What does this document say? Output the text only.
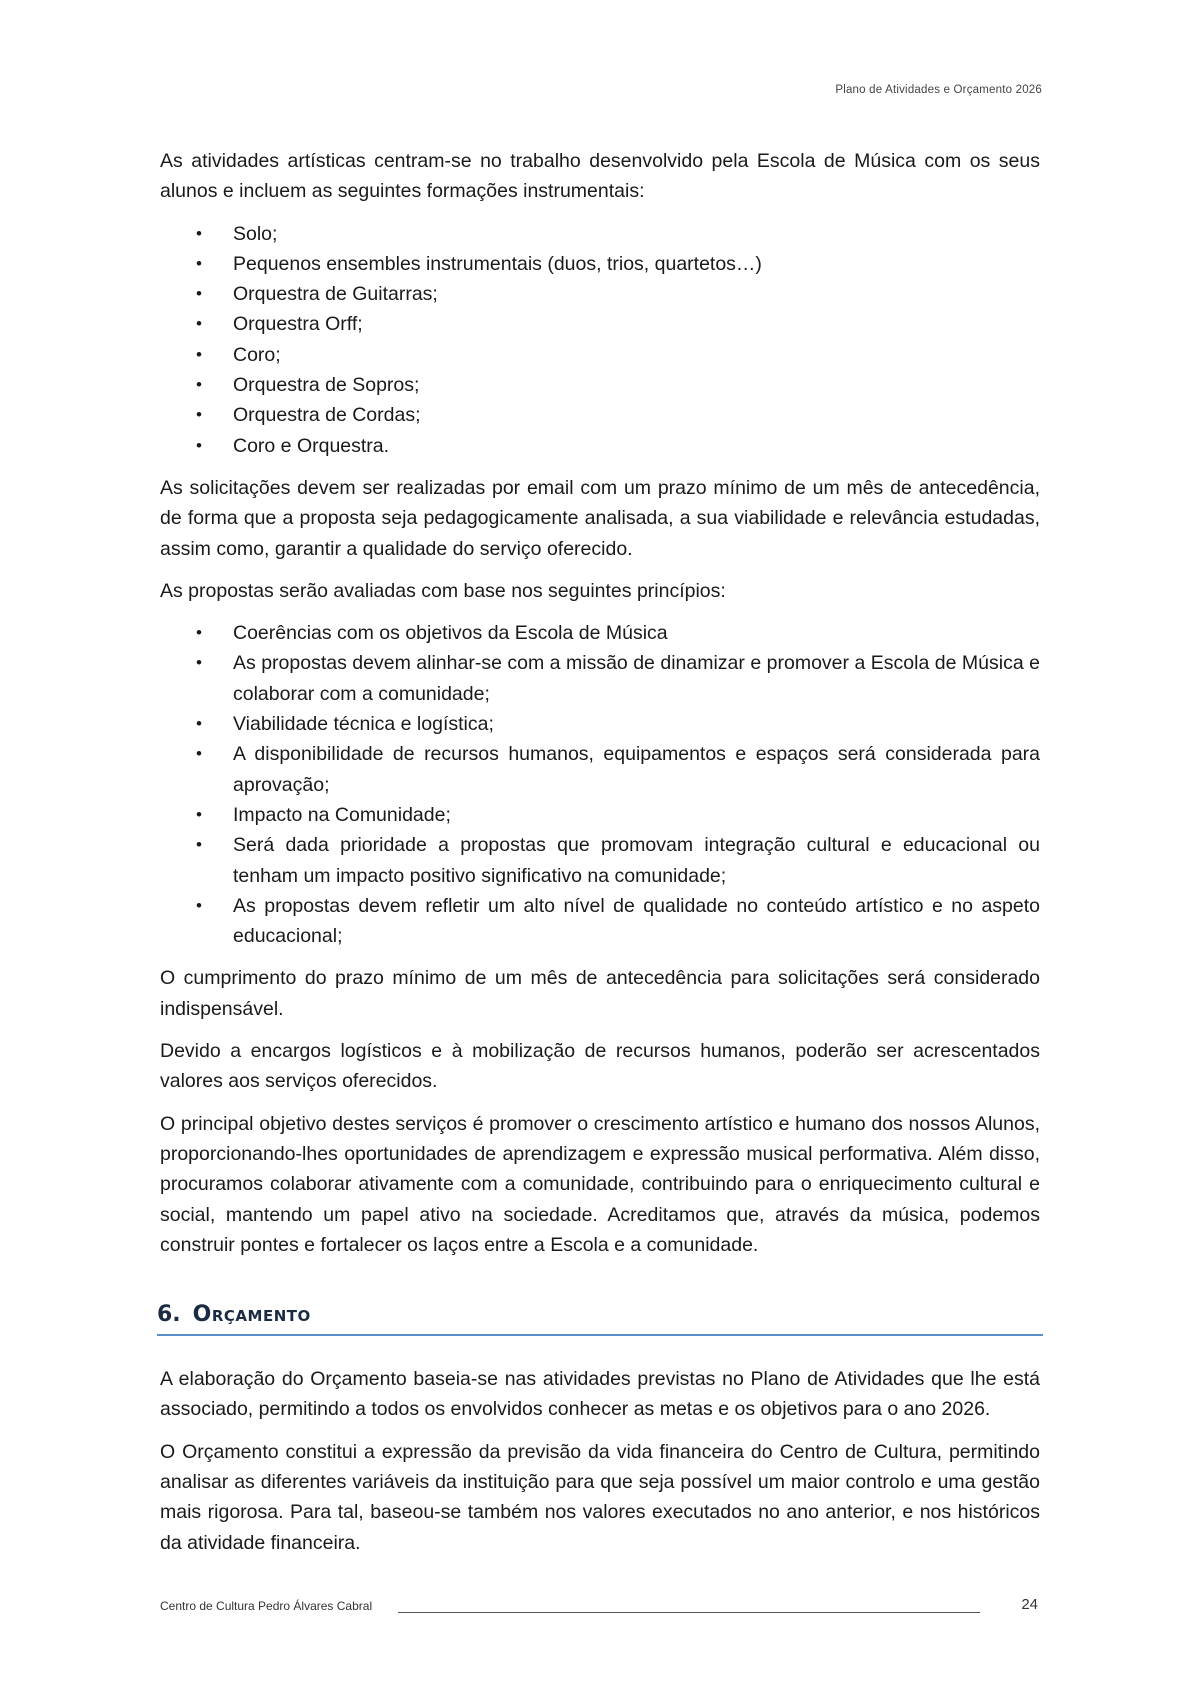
Plano de Atividades e Orçamento 2026

As atividades artísticas centram-se no trabalho desenvolvido pela Escola de Música com os seus alunos e incluem as seguintes formações instrumentais:

• Solo;
• Pequenos ensembles instrumentais (duos, trios, quartetos…)
• Orquestra de Guitarras;
• Orquestra Orff;
• Coro;
• Orquestra de Sopros;
• Orquestra de Cordas;
• Coro e Orquestra.

As solicitações devem ser realizadas por email com um prazo mínimo de um mês de antecedência, de forma que a proposta seja pedagogicamente analisada, a sua viabilidade e relevância estudadas, assim como, garantir a qualidade do serviço oferecido.

As propostas serão avaliadas com base nos seguintes princípios:

• Coerências com os objetivos da Escola de Música
• As propostas devem alinhar-se com a missão de dinamizar e promover a Escola de Música e colaborar com a comunidade;
• Viabilidade técnica e logística;
• A disponibilidade de recursos humanos, equipamentos e espaços será considerada para aprovação;
• Impacto na Comunidade;
• Será dada prioridade a propostas que promovam integração cultural e educacional ou tenham um impacto positivo significativo na comunidade;
• As propostas devem refletir um alto nível de qualidade no conteúdo artístico e no aspeto educacional;

O cumprimento do prazo mínimo de um mês de antecedência para solicitações será considerado indispensável.

Devido a encargos logísticos e à mobilização de recursos humanos, poderão ser acrescentados valores aos serviços oferecidos.

O principal objetivo destes serviços é promover o crescimento artístico e humano dos nossos Alunos, proporcionando-lhes oportunidades de aprendizagem e expressão musical performativa. Além disso, procuramos colaborar ativamente com a comunidade, contribuindo para o enriquecimento cultural e social, mantendo um papel ativo na sociedade. Acreditamos que, através da música, podemos construir pontes e fortalecer os laços entre a Escola e a comunidade.

6. Orçamento

A elaboração do Orçamento baseia-se nas atividades previstas no Plano de Atividades que lhe está associado, permitindo a todos os envolvidos conhecer as metas e os objetivos para o ano 2026.

O Orçamento constitui a expressão da previsão da vida financeira do Centro de Cultura, permitindo analisar as diferentes variáveis da instituição para que seja possível um maior controlo e uma gestão mais rigorosa. Para tal, baseou-se também nos valores executados no ano anterior, e nos históricos da atividade financeira.

Centro de Cultura Pedro Álvares Cabral	24
